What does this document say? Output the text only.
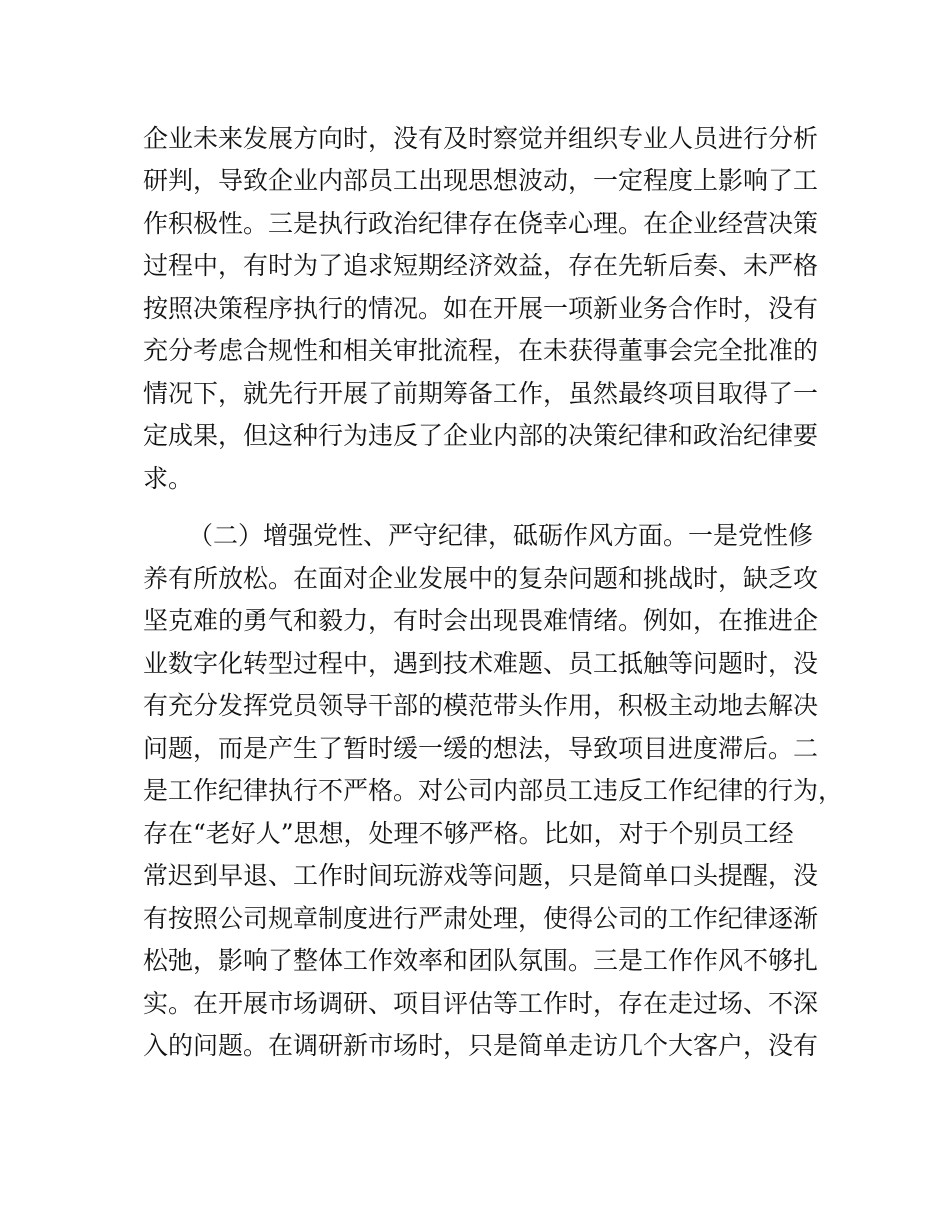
企业未来发展方向时，没有及时察觉并组织专业人员进行分析
研判，导致企业内部员工出现思想波动，一定程度上影响了工
作积极性。三是执行政治纪律存在侥幸心理。在企业经营决策
过程中，有时为了追求短期经济效益，存在先斩后奏、未严格
按照决策程序执行的情况。如在开展一项新业务合作时，没有
充分考虑合规性和相关审批流程，在未获得董事会完全批准的
情况下，就先行开展了前期筹备工作，虽然最终项目取得了一
定成果，但这种行为违反了企业内部的决策纪律和政治纪律要
求。
（二）增强党性、严守纪律，砥砺作风方面。一是党性修
养有所放松。在面对企业发展中的复杂问题和挑战时，缺乏攻
坚克难的勇气和毅力，有时会出现畏难情绪。例如，在推进企
业数字化转型过程中，遇到技术难题、员工抵触等问题时，没
有充分发挥党员领导干部的模范带头作用，积极主动地去解决
问题，而是产生了暂时缓一缓的想法，导致项目进度滞后。二
是工作纪律执行不严格。对公司内部员工违反工作纪律的行为，
存在“老好人”思想，处理不够严格。比如，对于个别员工经
常迟到早退、工作时间玩游戏等问题，只是简单口头提醒，没
有按照公司规章制度进行严肃处理，使得公司的工作纪律逐渐
松弛，影响了整体工作效率和团队氛围。三是工作作风不够扎
实。在开展市场调研、项目评估等工作时，存在走过场、不深
入的问题。在调研新市场时，只是简单走访几个大客户，没有
